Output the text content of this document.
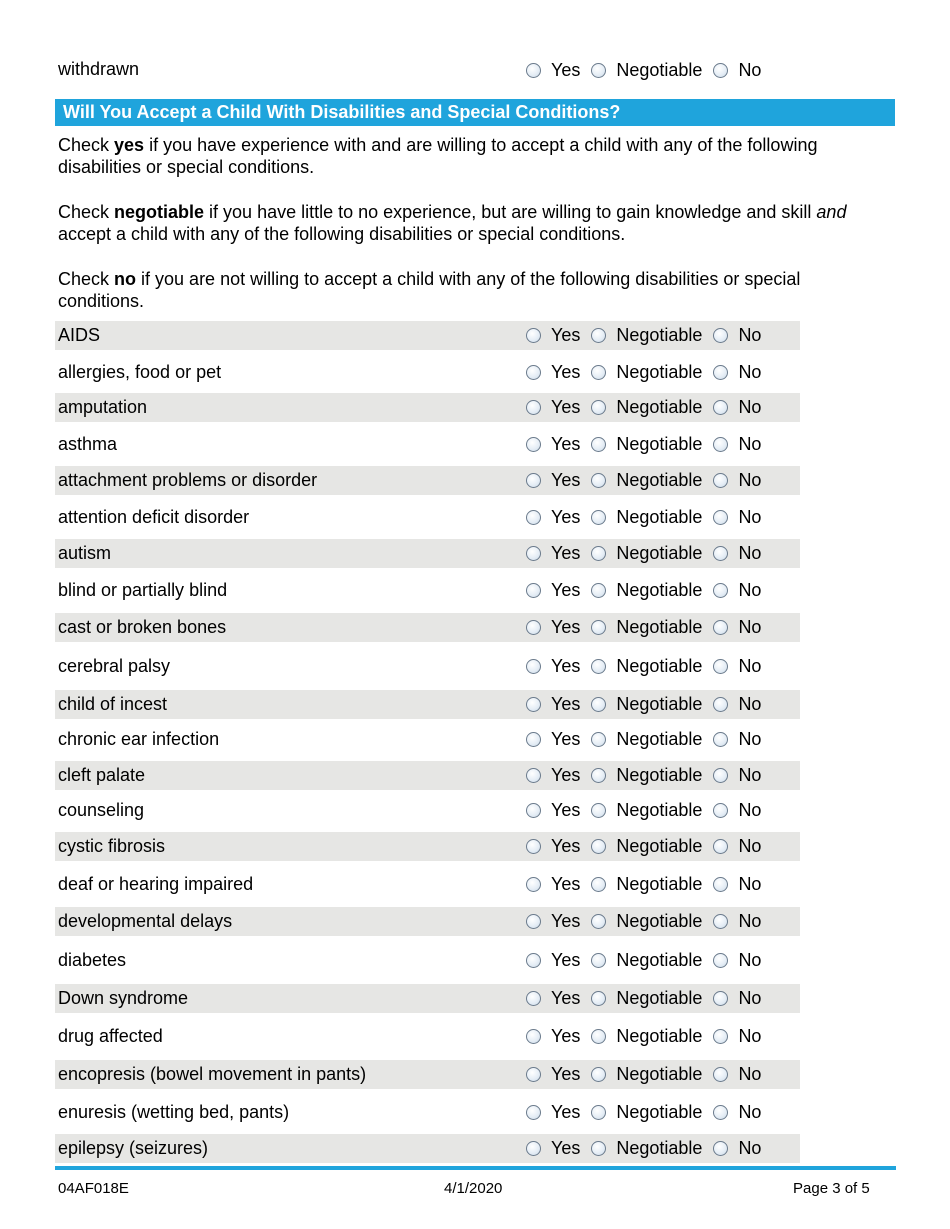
withdrawn	Yes Negotiable No
Will You Accept a Child With Disabilities and Special Conditions?
Check yes if you have experience with and are willing to accept a child with any of the following disabilities or special conditions.
Check negotiable if you have little to no experience, but are willing to gain knowledge and skill and accept a child with any of the following disabilities or special conditions.
Check no if you are not willing to accept a child with any of the following disabilities or special conditions.
AIDS	Yes Negotiable No
allergies, food or pet	Yes Negotiable No
amputation	Yes Negotiable No
asthma	Yes Negotiable No
attachment problems or disorder	Yes Negotiable No
attention deficit disorder	Yes Negotiable No
autism	Yes Negotiable No
blind or partially blind	Yes Negotiable No
cast or broken bones	Yes Negotiable No
cerebral palsy	Yes Negotiable No
child of incest	Yes Negotiable No
chronic ear infection	Yes Negotiable No
cleft palate	Yes Negotiable No
counseling	Yes Negotiable No
cystic fibrosis	Yes Negotiable No
deaf or hearing impaired	Yes Negotiable No
developmental delays	Yes Negotiable No
diabetes	Yes Negotiable No
Down syndrome	Yes Negotiable No
drug affected	Yes Negotiable No
encopresis (bowel movement in pants)	Yes Negotiable No
enuresis (wetting bed, pants)	Yes Negotiable No
epilepsy (seizures)	Yes Negotiable No
04AF018E	4/1/2020	Page 3 of 5
